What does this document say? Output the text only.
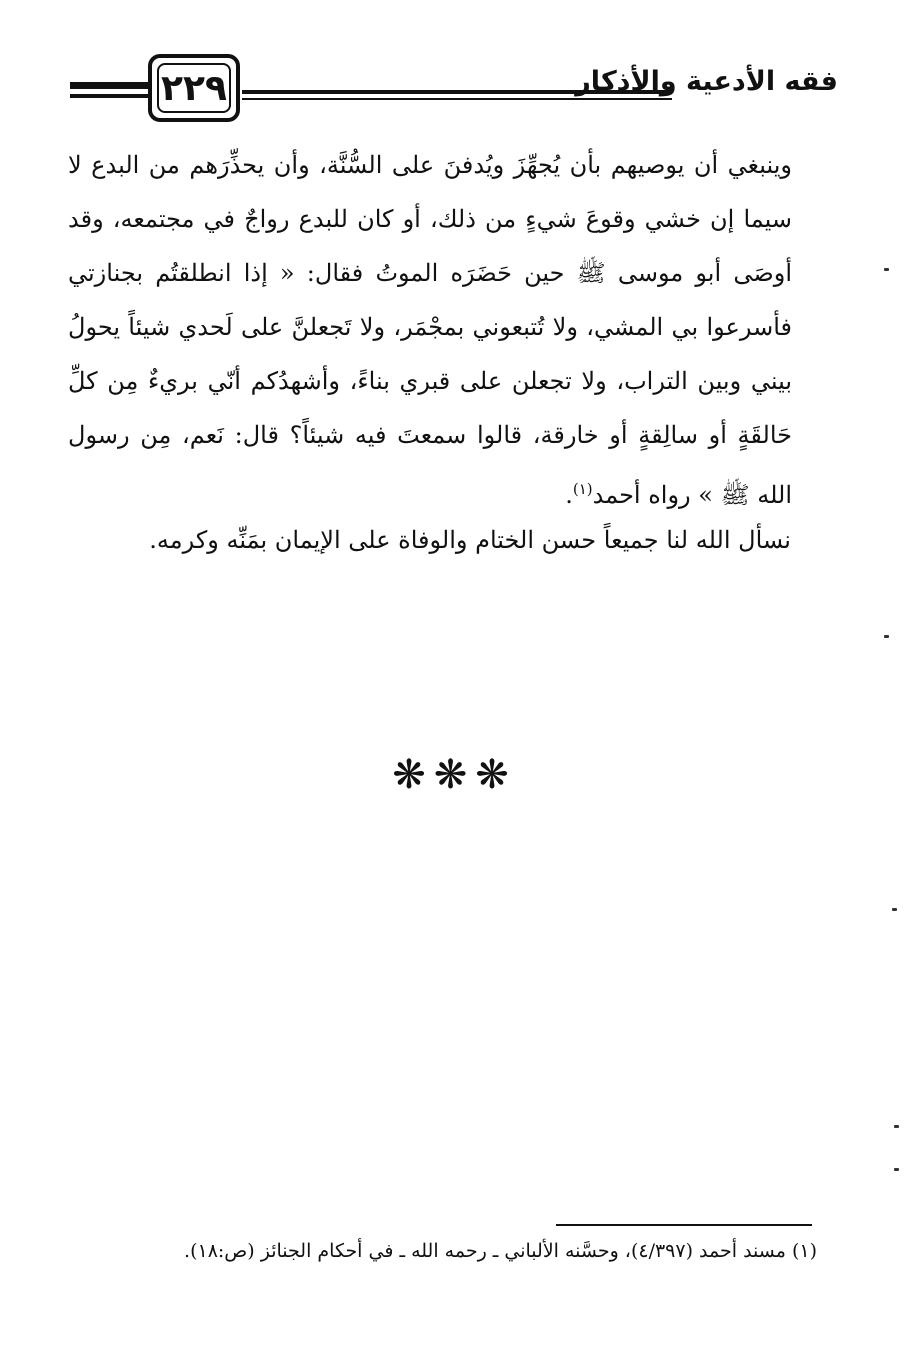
٢٢٩	فقه الأدعية والأذكار

وينبغي أن يوصيهم بأن يُجهِّزَ ويُدفنَ على السُّنَّة، وأن يحذِّرَهم من البدع لا سيما إن خشي وقوعَ شيءٍ من ذلك، أو كان للبدع رواجٌ في مجتمعه، وقد أوصَى أبو موسى ﷺ حين حَضَرَه الموتُ فقال: « إذا انطلقتُم بجنازتي فأسرعوا بي المشي، ولا تُتبعوني بمجْمَر، ولا تَجعلنَّ على لَحدي شيئاً يحولُ بيني وبين التراب، ولا تجعلن على قبري بناءً، وأشهدُكم أنّي بريءٌ مِن كلِّ حَالقَةٍ أو سالِقةٍ أو خارقة، قالوا سمعتَ فيه شيئاً؟ قال: نَعم، مِن رسول الله ﷺ » رواه أحمد$^{(١)}$.

نسأل الله لنا جميعاً حسن الختام والوفاة على الإيمان بمَنِّه وكرمه.
❋❋❋
(١) مسند أحمد (٤/٣٩٧)، وحسَّنه الألباني ـ رحمه الله ـ في أحكام الجنائز (ص:١٨).
